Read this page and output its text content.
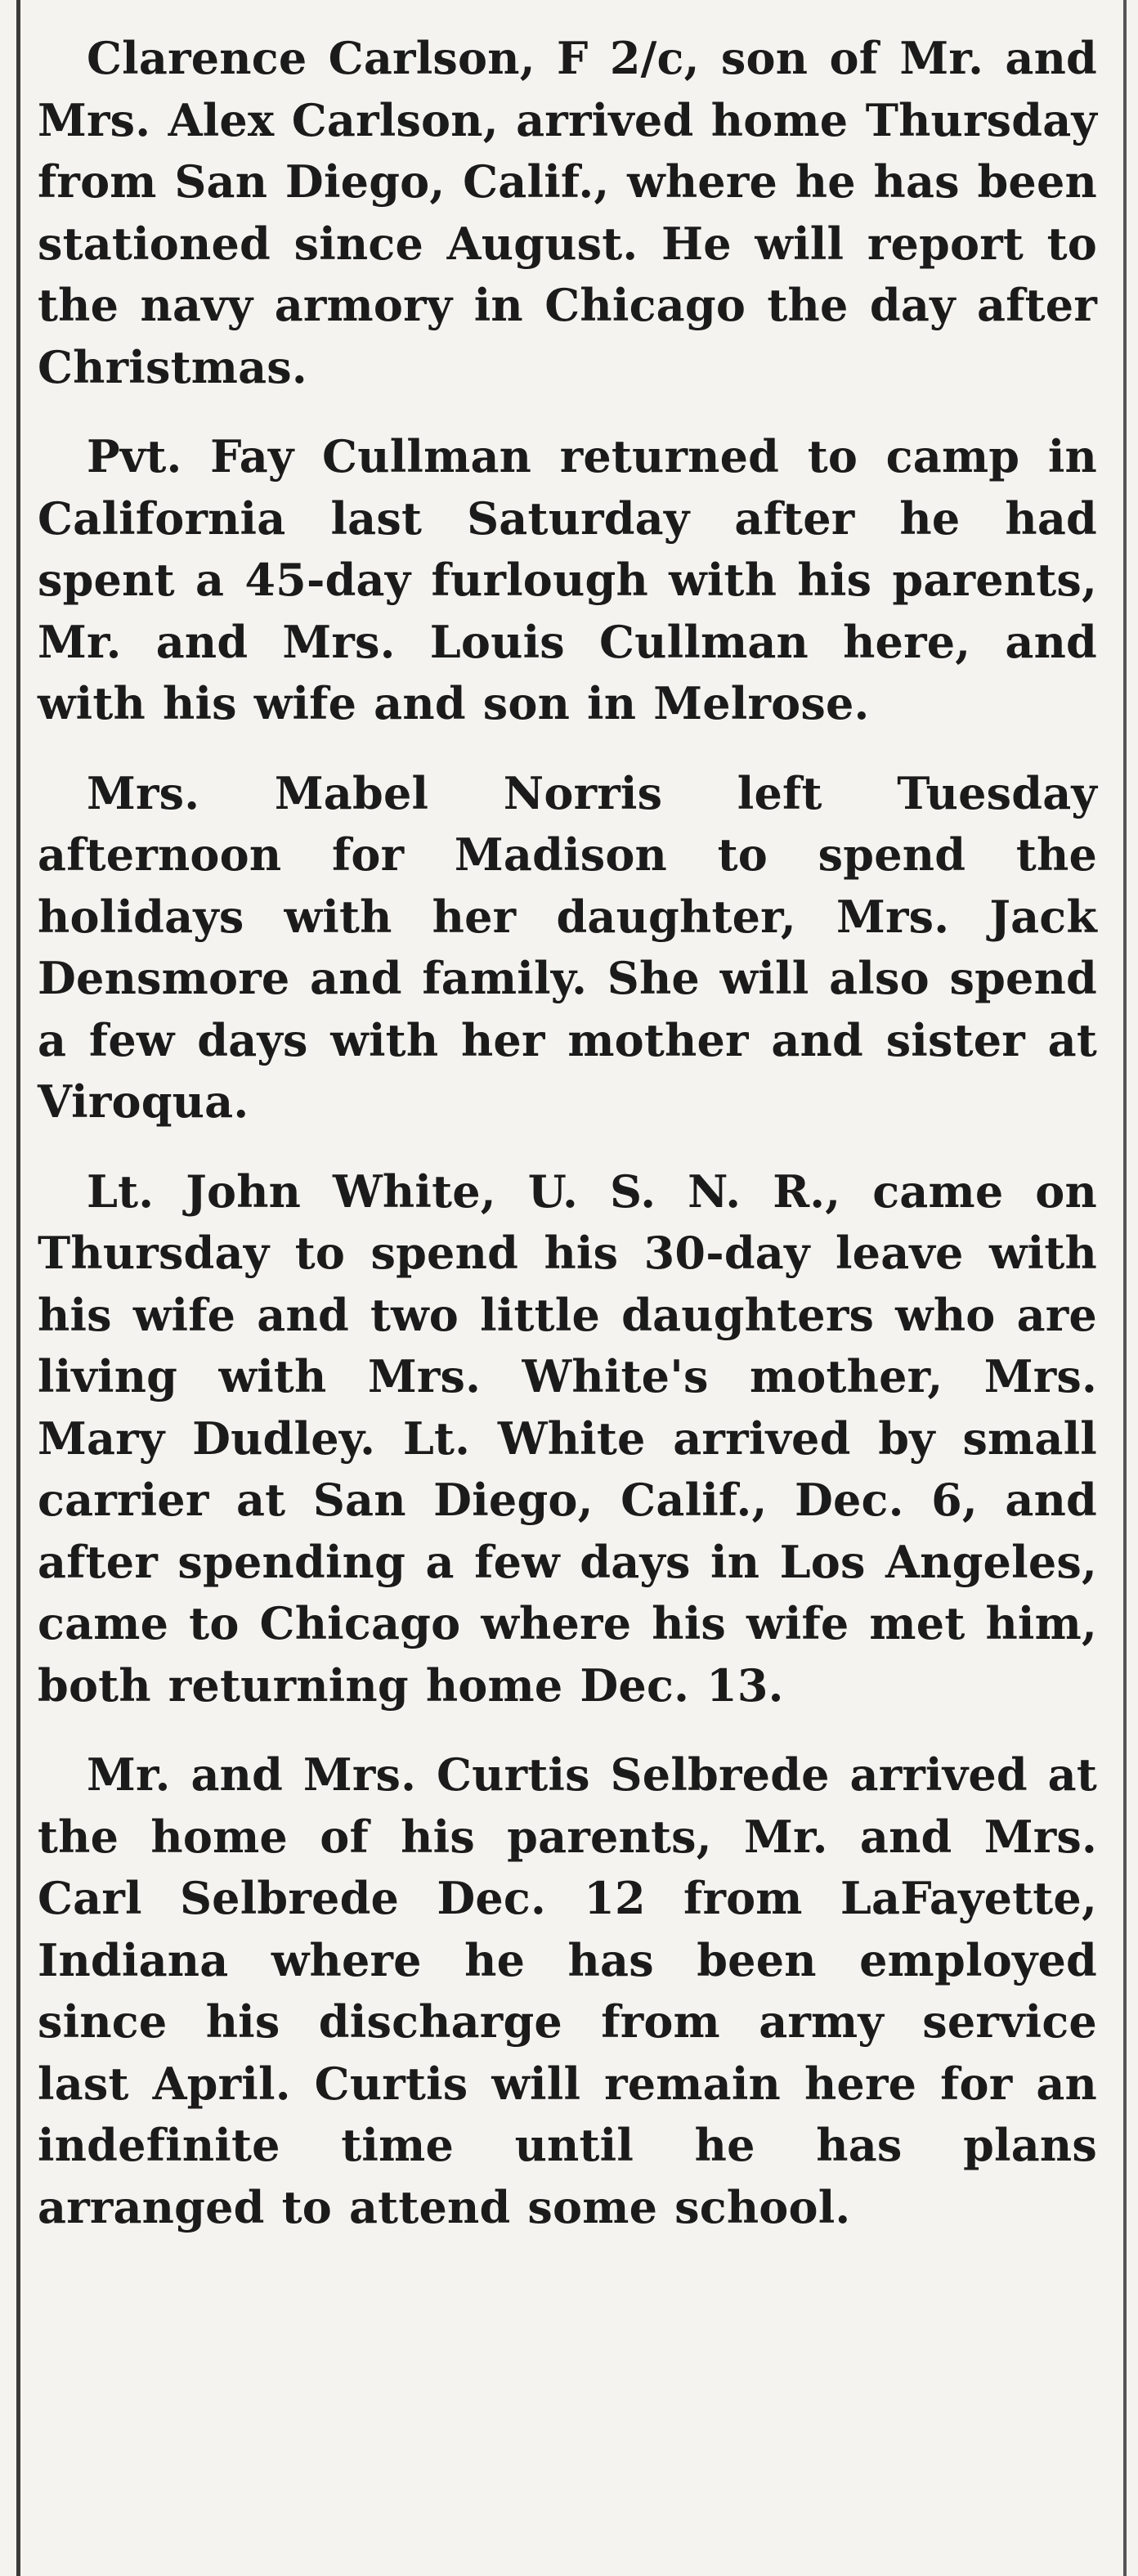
Clarence Carlson, F 2/c, son of Mr. and Mrs. Alex Carlson, arrived home Thursday from San Diego, Calif., where he has been stationed since August. He will report to the navy armory in Chicago the day after Christmas.

Pvt. Fay Cullman returned to camp in California last Saturday after he had spent a 45-day furlough with his parents, Mr. and Mrs. Louis Cullman here, and with his wife and son in Melrose.

Mrs. Mabel Norris left Tuesday afternoon for Madison to spend the holidays with her daughter, Mrs. Jack Densmore and family. She will also spend a few days with her mother and sister at Viroqua.

Lt. John White, U. S. N. R., came on Thursday to spend his 30-day leave with his wife and two little daughters who are living with Mrs. White's mother, Mrs. Mary Dudley. Lt. White arrived by small carrier at San Diego, Calif., Dec. 6, and after spending a few days in Los Angeles, came to Chicago where his wife met him, both returning home Dec. 13.

Mr. and Mrs. Curtis Selbrede arrived at the home of his parents, Mr. and Mrs. Carl Selbrede Dec. 12 from LaFayette, Indiana where he has been employed since his discharge from army service last April. Curtis will remain here for an indefinite time until he has plans arranged to attend some school.
